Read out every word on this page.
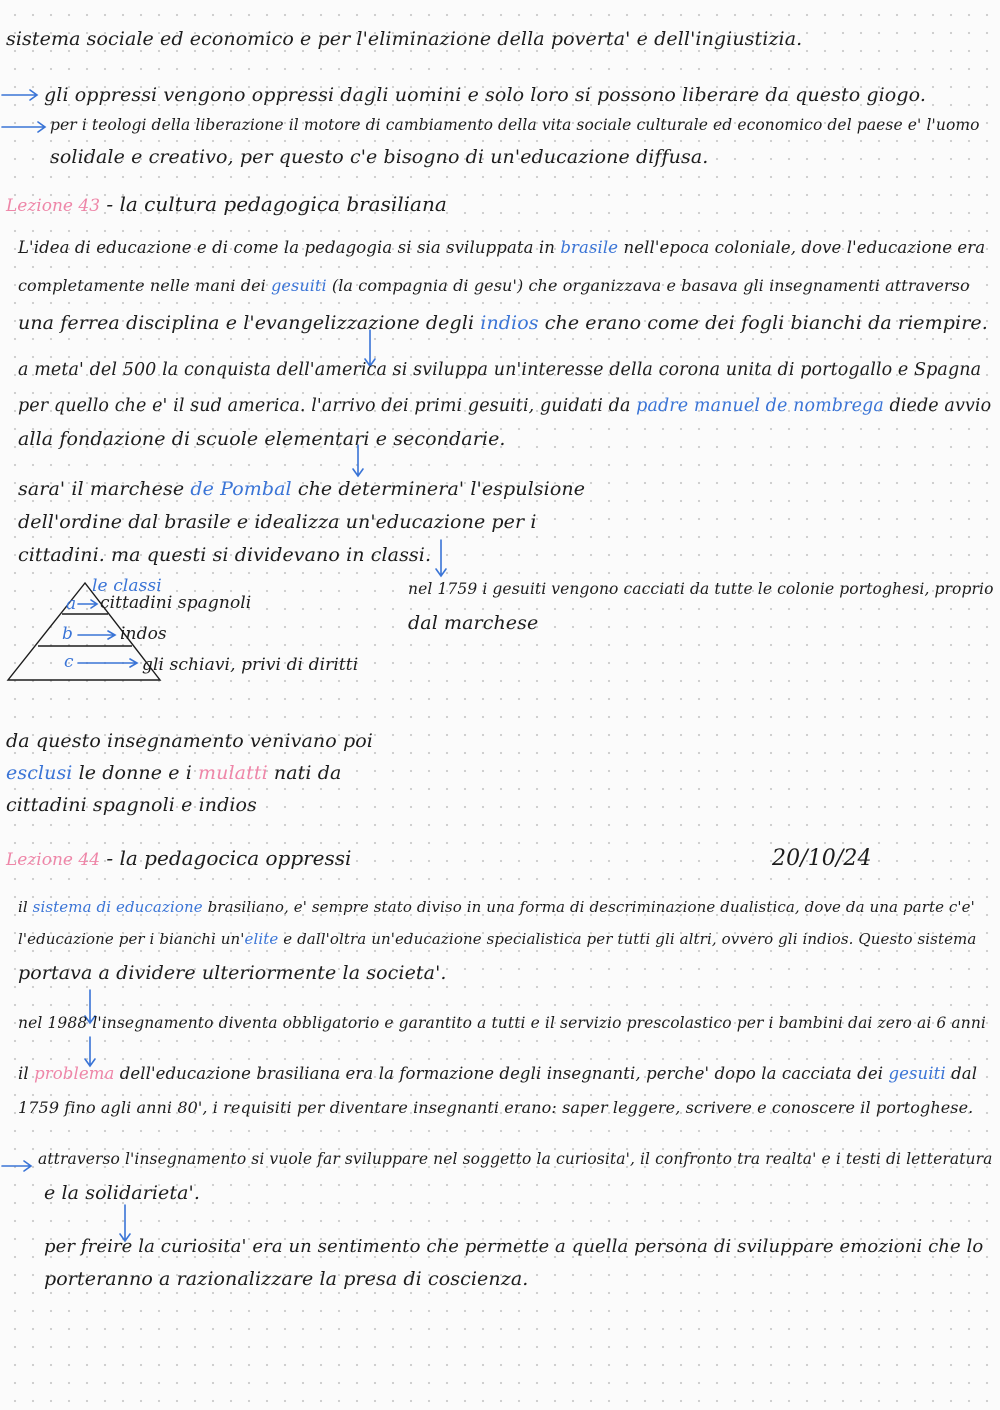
sistema sociale ed economico e per l'eliminazione della poverta' e dell'ingiustizia.
gli oppressi vengono oppressi dagli uomini e solo loro si possono liberare da questo giogo.
per i teologi della liberazione il motore di cambiamento della vita sociale culturale ed economico del paese e' l'uomo
solidale e creativo, per questo c'e bisogno di un'educazione diffusa.
Lezione 43 - la cultura pedagogica brasiliana
L'idea di educazione e di come la pedagogia si sia sviluppata in brasile nell'epoca coloniale, dove l'educazione era
completamente nelle mani dei gesuiti (la compagnia di gesu') che organizzava e basava gli insegnamenti attraverso
una ferrea disciplina e l'evangelizzazione degli indios che erano come dei fogli bianchi da riempire.
a meta' del 500 la conquista dell'america si sviluppa un'interesse della corona unita di portogallo e Spagna
per quello che e' il sud america. l'arrivo dei primi gesuiti, guidati da padre manuel de nombrega diede avvio
alla fondazione di scuole elementari e secondarie.
sara' il marchese de Pombal che determinera' l'espulsione
dell'ordine dal brasile e idealizza un'educazione per i
cittadini. ma questi si dividevano in classi.
nel 1759 i gesuiti vengono cacciati da tutte le colonie portoghesi, proprio
dal marchese
le classi
a cittadini spagnoli
b	indos
c	gli schiavi, privi di diritti
da questo insegnamento venivano poi
esclusi le donne e i mulatti nati da
cittadini spagnoli e indios
Lezione 44 - la pedagocica oppressi	20/10/24
il sistema di educazione brasiliano, e' sempre stato diviso in una forma di descriminazione dualistica, dove da una parte c'e'
l'educazione per i bianchi un'elite e dall'oltra un'educazione specialistica per tutti gli altri, ovvero gli indios. Questo sistema
portava a dividere ulteriormente la societa'.
nel 1988 l'insegnamento diventa obbligatorio e garantito a tutti e il servizio prescolastico per i bambini dai zero ai 6 anni
il problema dell'educazione brasiliana era la formazione degli insegnanti, perche' dopo la cacciata dei gesuiti dal
1759 fino agli anni 80', i requisiti per diventare insegnanti erano: saper leggere, scrivere e conoscere il portoghese.
attraverso l'insegnamento si vuole far sviluppare nel soggetto la curiosita', il confronto tra realta' e i testi di letteratura
e la solidarieta'.
per freire la curiosita' era un sentimento che permette a quella persona di sviluppare emozioni che lo
porteranno a razionalizzare la presa di coscienza.
